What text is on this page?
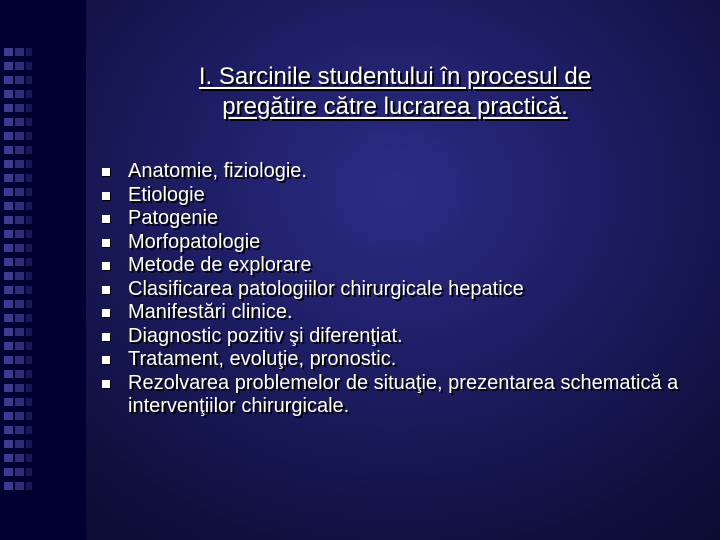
I. Sarcinile studentului în procesul de
pregătire către lucrarea practică.
Anatomie, fiziologie.
Etiologie
Patogenie
Morfopatologie
Metode de explorare
Clasificarea patologiilor chirurgicale hepatice
Manifestări clinice.
Diagnostic pozitiv şi diferenţiat.
Tratament, evoluţie, pronostic.
Rezolvarea problemelor de situaţie, prezentarea schematică a intervenţiilor chirurgicale.
